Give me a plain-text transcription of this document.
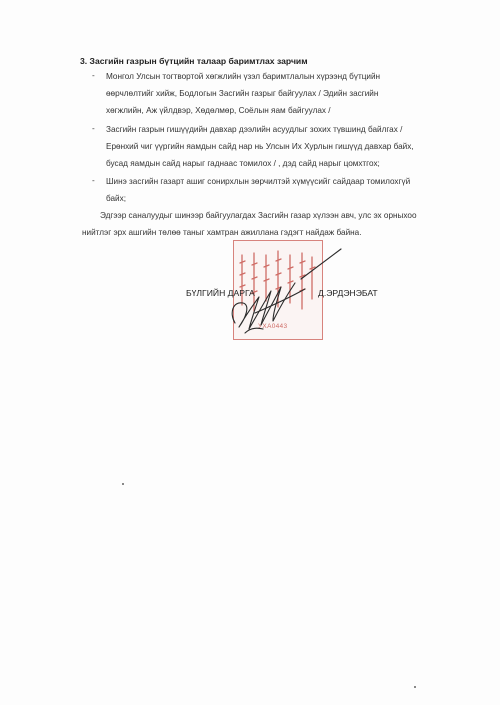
3. Засгийн газрын бүтцийн талаар баримтлах зарчим
- Монгол Улсын тогтвортой хөгжлийн үзэл баримтлалын хүрээнд бүтцийн
өөрчлөлтийг хийж, Бодлогын Засгийн газрыг байгуулах / Эдийн засгийн
хөгжлийн, Аж үйлдвэр, Хөдөлмөр, Соёлын яам байгуулах /
- Засгийн газрын гишүүдийн давхар дээлийн асуудлыг зохих түвшинд байлгах /
Ерөнхий чиг үүргийн яамдын сайд нар нь Улсын Их Хурлын гишүүд давхар байх,
бусад яамдын сайд нарыг гаднаас томилох / , дэд сайд нарыг цомхтгох;
- Шинэ засгийн газарт ашиг сонирхлын зөрчилтэй хүмүүсийг сайдаар томилохгүй
байх;
Эдгээр саналуудыг шинээр байгуулагдах Засгийн газар хүлээн авч, улс эх орныхоо
нийтлэг эрх ашгийн төлөө таныг хамтран ажиллана гэдэгт найдаж байна.
УХА0443
БҮЛГИЙН ДАРГА	Д.ЭРДЭНЭБАТ
